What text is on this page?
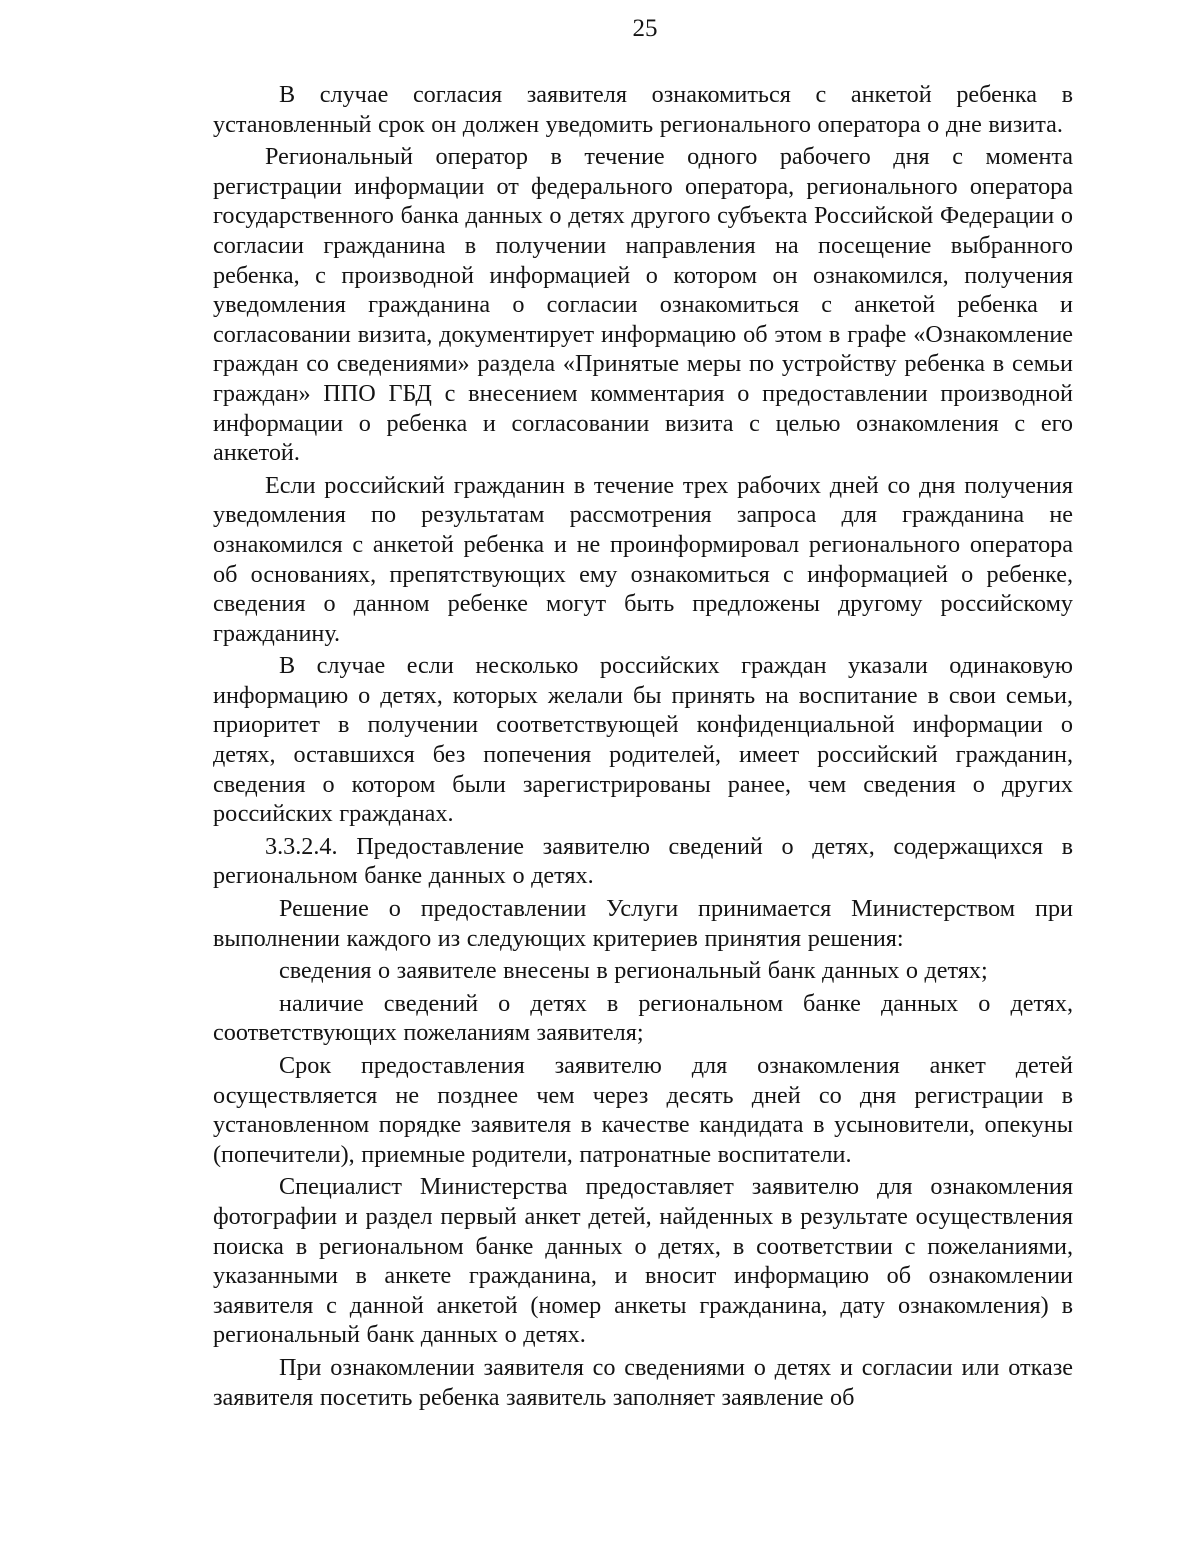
25

В случае согласия заявителя ознакомиться с анкетой ребенка в установленный срок он должен уведомить регионального оператора о дне визита.

Региональный оператор в течение одного рабочего дня с момента регистрации информации от федерального оператора, регионального оператора государственного банка данных о детях другого субъекта Российской Федерации о согласии гражданина в получении направления на посещение выбранного ребенка, с производной информацией о котором он ознакомился, получения уведомления гражданина о согласии ознакомиться с анкетой ребенка и согласовании визита, документирует информацию об этом в графе «Ознакомление граждан со сведениями» раздела «Принятые меры по устройству ребенка в семьи граждан» ППО ГБД с внесением комментария о предоставлении производной информации о ребенка и согласовании визита с целью ознакомления с его анкетой.

Если российский гражданин в течение трех рабочих дней со дня получения уведомления по результатам рассмотрения запроса для гражданина не ознакомился с анкетой ребенка и не проинформировал регионального оператора об основаниях, препятствующих ему ознакомиться с информацией о ребенке, сведения о данном ребенке могут быть предложены другому российскому гражданину.

В случае если несколько российских граждан указали одинаковую информацию о детях, которых желали бы принять на воспитание в свои семьи, приоритет в получении соответствующей конфиденциальной информации о детях, оставшихся без попечения родителей, имеет российский гражданин, сведения о котором были зарегистрированы ранее, чем сведения о других российских гражданах.

3.3.2.4. Предоставление заявителю сведений о детях, содержащихся в региональном банке данных о детях.

Решение о предоставлении Услуги принимается Министерством при выполнении каждого из следующих критериев принятия решения:

сведения о заявителе внесены в региональный банк данных о детях;

наличие сведений о детях в региональном банке данных о детях, соответствующих пожеланиям заявителя;

Срок предоставления заявителю для ознакомления анкет детей осуществляется не позднее чем через десять дней со дня регистрации в установленном порядке заявителя в качестве кандидата в усыновители, опекуны (попечители), приемные родители, патронатные воспитатели.

Специалист Министерства предоставляет заявителю для ознакомления фотографии и раздел первый анкет детей, найденных в результате осуществления поиска в региональном банке данных о детях, в соответствии с пожеланиями, указанными в анкете гражданина, и вносит информацию об ознакомлении заявителя с данной анкетой (номер анкеты гражданина, дату ознакомления) в региональный банк данных о детях.

При ознакомлении заявителя со сведениями о детях и согласии или отказе заявителя посетить ребенка заявитель заполняет заявление об
